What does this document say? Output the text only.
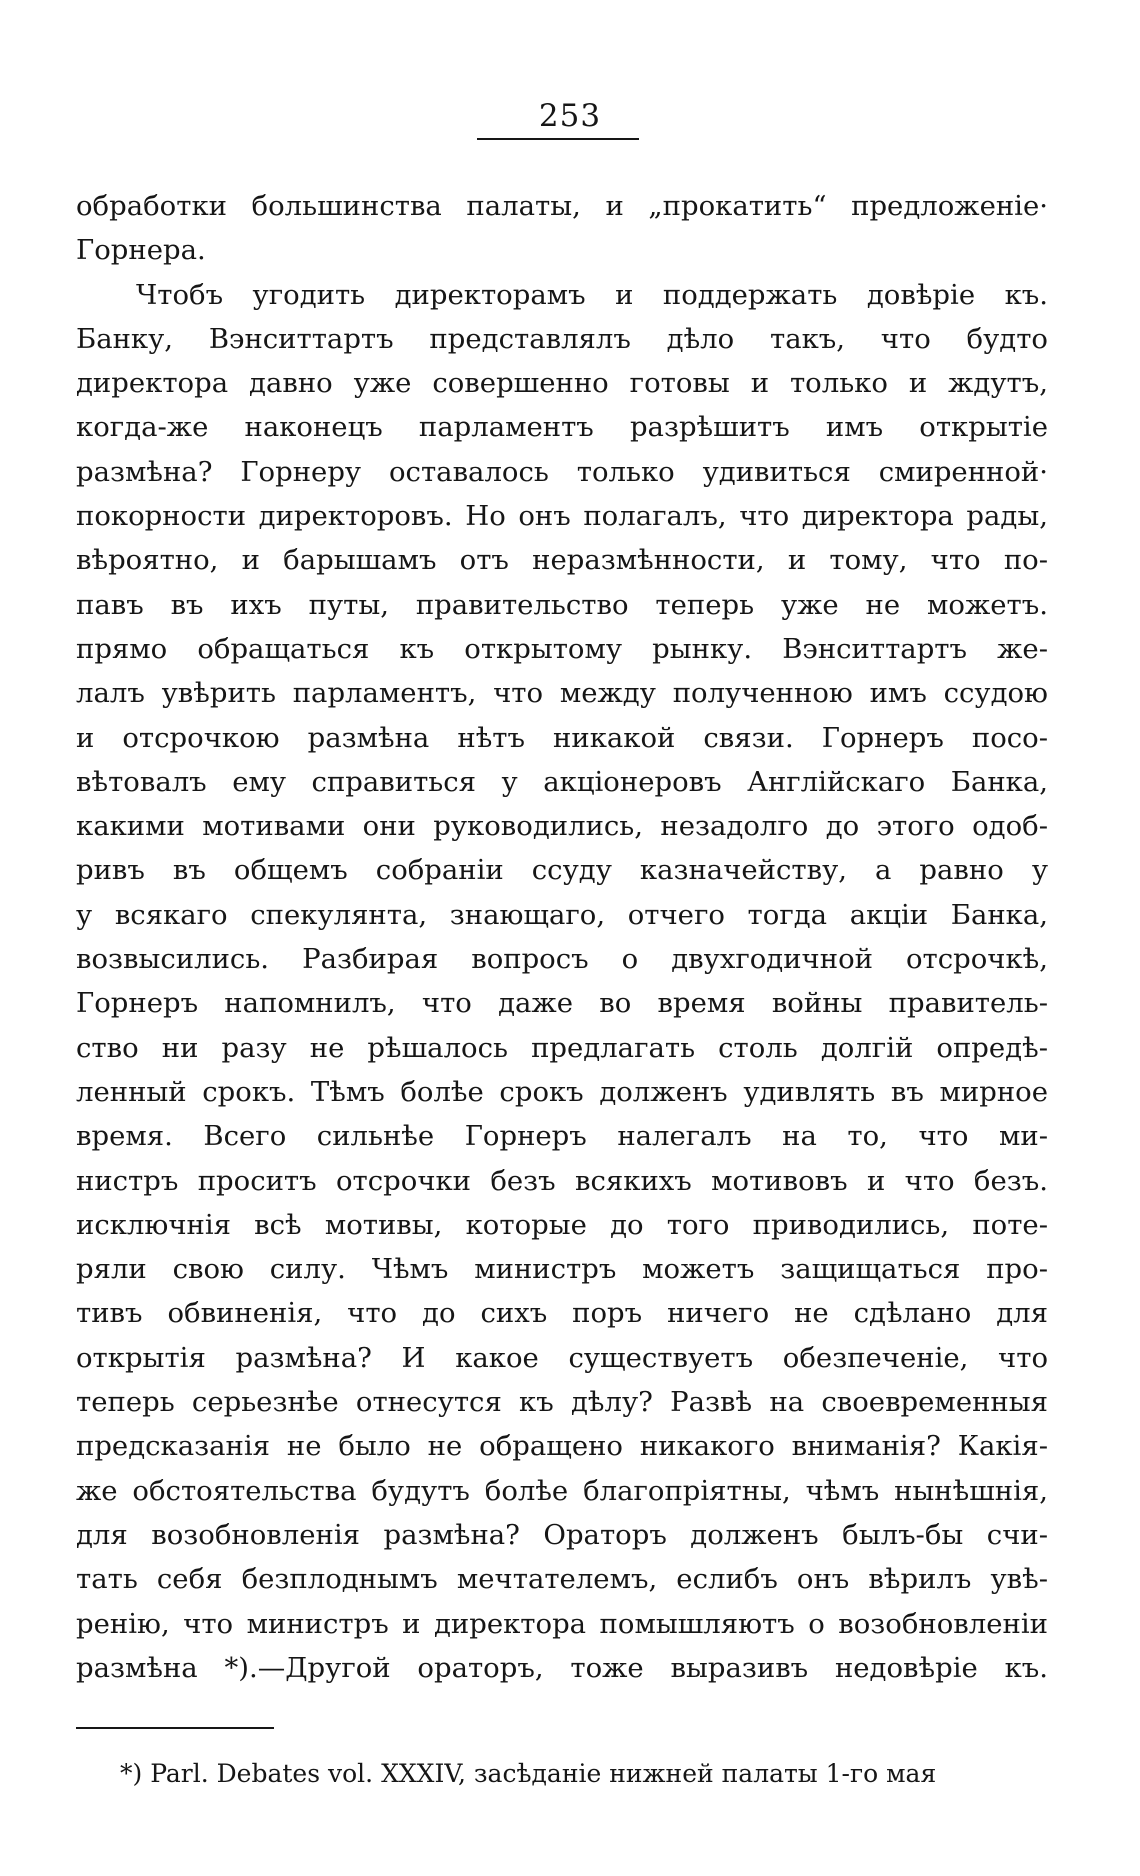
253
обработки большинства палаты, и „прокатить“ предложеніе·
Горнера.
Чтобъ угодить директорамъ и поддержать довѣріе къ.
Банку, Вэнситтартъ представлялъ дѣло такъ, что будто
директора давно уже совершенно готовы и только и ждутъ,
когда-же наконецъ парламентъ разрѣшитъ имъ открытіе
размѣна? Горнеру оставалось только удивиться смиренной·
покорности директоровъ. Но онъ полагалъ, что директора рады,
вѣроятно, и барышамъ отъ неразмѣнности, и тому, что по-
павъ въ ихъ путы, правительство теперь уже не можетъ.
прямо обращаться къ открытому рынку. Вэнситтартъ же-
лалъ увѣрить парламентъ, что между полученною имъ ссудою
и отсрочкою размѣна нѣтъ никакой связи. Горнеръ посо-
вѣтовалъ ему справиться у акціонеровъ Англійскаго Банка,
какими мотивами они руководились, незадолго до этого одоб-
ривъ въ общемъ собраніи ссуду казначейству, а равно у
у всякаго спекулянта, знающаго, отчего тогда акціи Банка,
возвысились. Разбирая вопросъ о двухгодичной отсрочкѣ,
Горнеръ напомнилъ, что даже во время войны правитель-
ство ни разу не рѣшалось предлагать столь долгій опредѣ-
ленный срокъ. Тѣмъ болѣе срокъ долженъ удивлять въ мирное
время. Всего сильнѣе Горнеръ налегалъ на то, что ми-
нистръ проситъ отсрочки безъ всякихъ мотивовъ и что безъ.
исключнія всѣ мотивы, которые до того приводились, поте-
ряли свою силу. Чѣмъ министръ можетъ защищаться про-
тивъ обвиненія, что до сихъ поръ ничего не сдѣлано для
открытія размѣна? И какое существуетъ обезпеченіе, что
теперь серьезнѣе отнесутся къ дѣлу? Развѣ на своевременныя
предсказанія не было не обращено никакого вниманія? Какія-
же обстоятельства будутъ болѣе благопріятны, чѣмъ нынѣшнія,
для возобновленія размѣна? Ораторъ долженъ былъ-бы счи-
тать себя безплоднымъ мечтателемъ, еслибъ онъ вѣрилъ увѣ-
ренію, что министръ и директора помышляютъ о возобновленіи
размѣна *).—Другой ораторъ, тоже выразивъ недовѣріе къ.
*) Parl. Debates vol. XXXIV, засѣданіе нижней палаты 1-го мая
